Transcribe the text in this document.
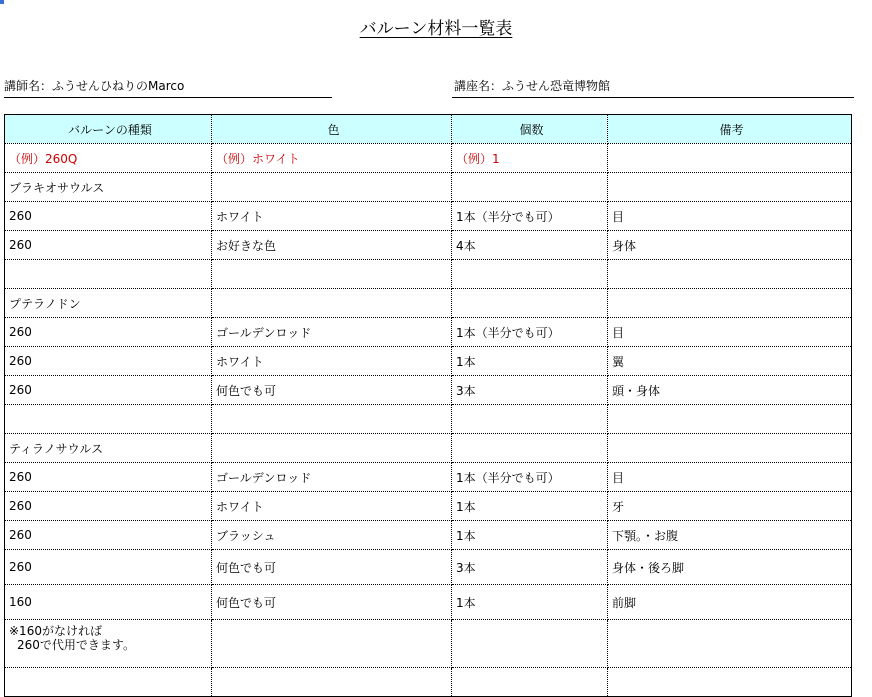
バルーン材料一覧表
講師名：ふうせんひねりのMarco	講座名：ふうせん恐竜博物館
バルーンの種類	色	個数	備考
（例）260Q	（例）ホワイト	（例）1	
ブラキオサウルス			
260	ホワイト	1本（半分でも可）	目
260	お好きな色	4本	身体

プテラノドン			
260	ゴールデンロッド	1本（半分でも可）	目
260	ホワイト	1本	翼
260	何色でも可	3本	頭・身体

ティラノサウルス			
260	ゴールデンロッド	1本（半分でも可）	目
260	ホワイト	1本	牙
260	ブラッシュ	1本	下顎。・お腹
260	何色でも可	3本	身体・後ろ脚
160	何色でも可	1本	前脚

※160がなければ
260で代用できます。			
